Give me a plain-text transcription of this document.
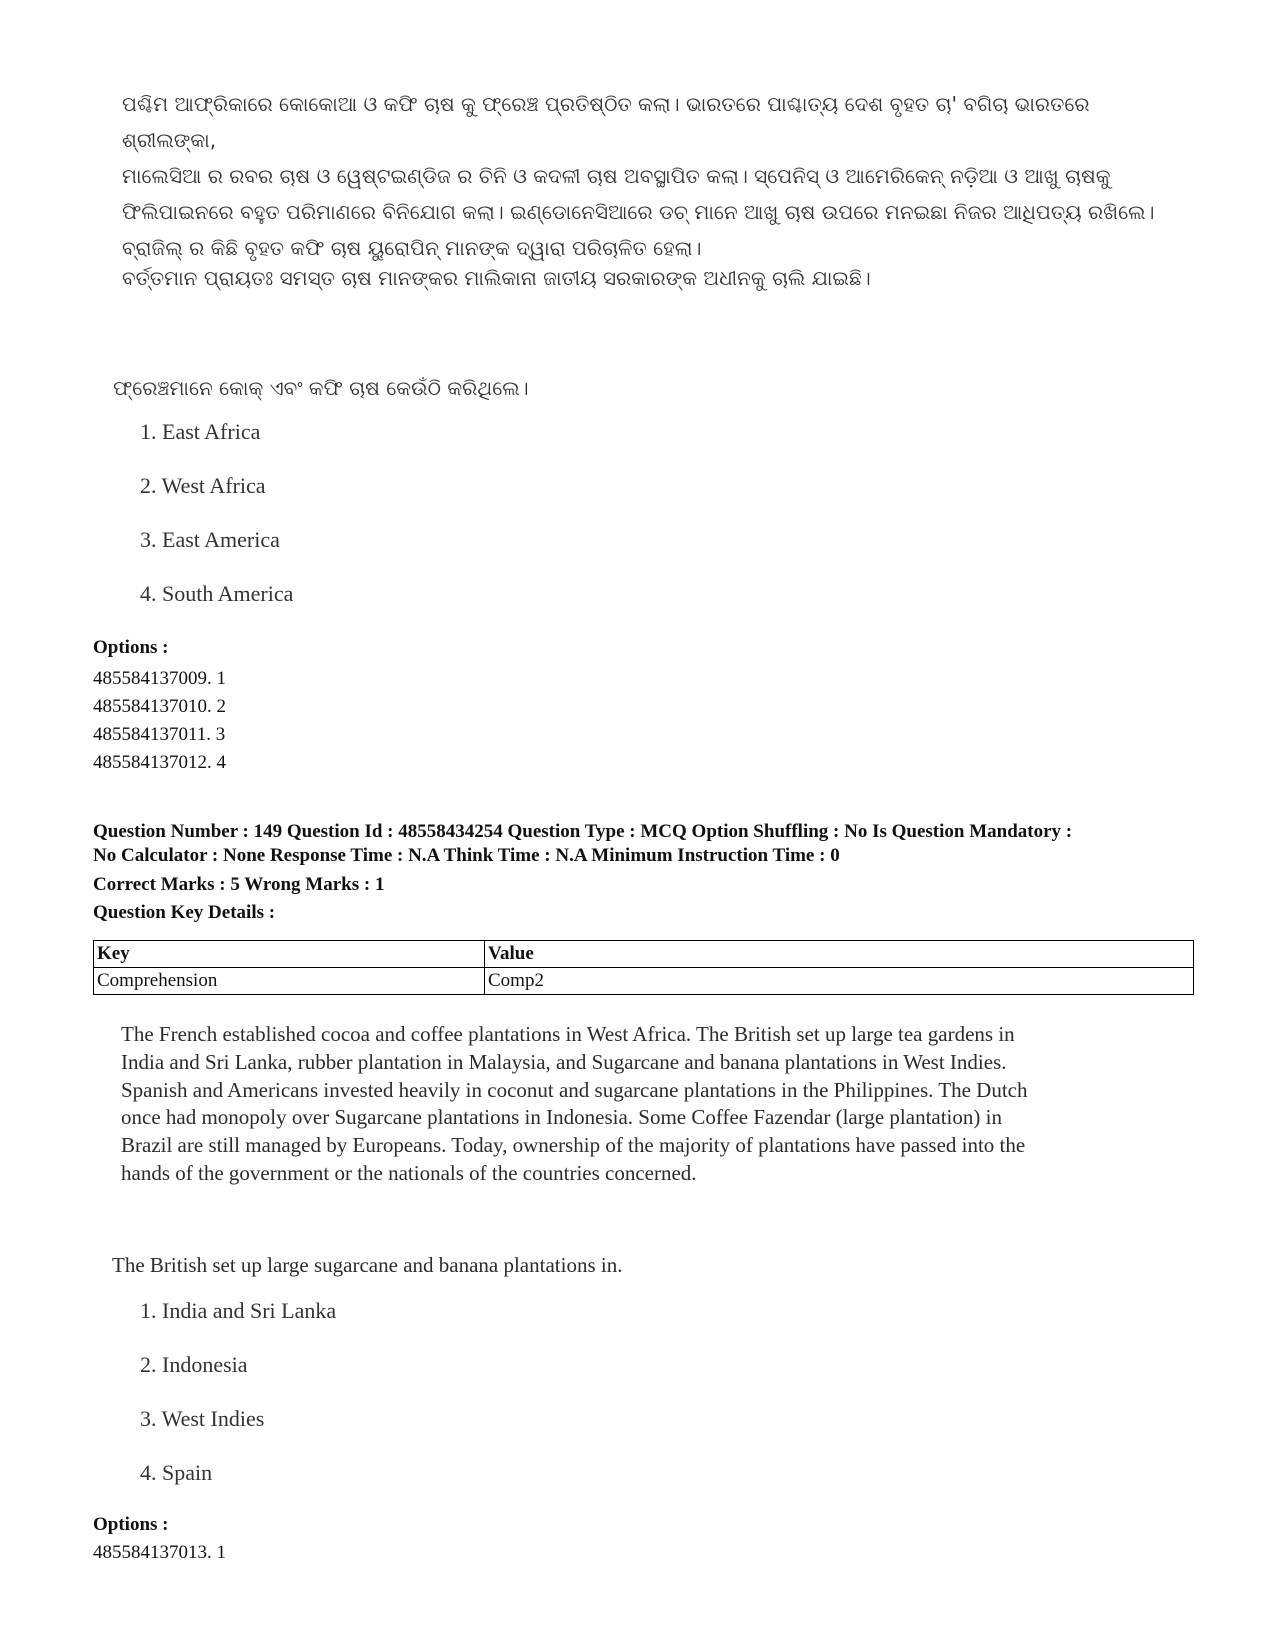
ପଶ୍ଚିମ ଆଫ୍ରିକାରେ କୋକୋଆ ଓ କଫି ଚାଷ କୁ ଫ୍ରେଞ୍ଚ ପ୍ରତିଷ୍ଠିତ କଲା। ଭାରତରେ ପାଶ୍ଚାତ୍ୟ ଦେଶ ବୃହତ ଚା' ବଗିଚା ଭାରତରେ ଶ୍ରୀଲଙ୍କା,

ମାଲେସିଆ ର ରବର ଚାଷ ଓ ୱେଷ୍ଟଇଣ୍ଡିଜ ର ଚିନି ଓ କଦଳୀ ଚାଷ ଅବସ୍ଥାପିତ କଲା। ସ୍ପେନିସ୍ ଓ ଆମେରିକେନ୍ ନଡ଼ିଆ ଓ ଆଖୁ ଚାଷକୁ

ଫିଲିପାଇନରେ ବହୁତ ପରିମାଣରେ ବିନିଯୋଗ କଲା। ଇଣ୍ଡୋନେସିଆରେ ଡଚ୍ ମାନେ ଆଖୁ ଚାଷ ଉପରେ ମନଇଛା ନିଜର ଆଧିପତ୍ୟ ରଖିଲେ।

ବ୍ରାଜିଲ୍ ର କିଛି ବୃହତ କଫି ଚାଷ ୟୁରୋପିନ୍ ମାନଙ୍କ ଦ୍ୱାରା ପରିଚାଳିତ ହେଲା।

ବର୍ତ୍ତମାନ ପ୍ରାୟତଃ ସମସ୍ତ ଚାଷ ମାନଙ୍କର ମାଲିକାନା ଜାତୀୟ ସରକାରଙ୍କ ଅଧୀନକୁ ଚାଲି ଯାଇଛି।
ଫ୍ରେଞ୍ଚମାନେ କୋକ୍ ଏବଂ କଫି ଚାଷ କେଉଁଠି କରିଥିଲେ।
1. East Africa
2. West Africa
3. East America
4. South America
Options :
485584137009. 1
485584137010. 2
485584137011. 3
485584137012. 4
Question Number : 149 Question Id : 48558434254 Question Type : MCQ Option Shuffling : No Is Question Mandatory :
No Calculator : None Response Time : N.A Think Time : N.A Minimum Instruction Time : 0
Correct Marks : 5 Wrong Marks : 1
Question Key Details :
Key	Value
Comprehension	Comp2
The French established cocoa and coffee plantations in West Africa. The British set up large tea gardens in
India and Sri Lanka, rubber plantation in Malaysia, and Sugarcane and banana plantations in West Indies.
Spanish and Americans invested heavily in coconut and sugarcane plantations in the Philippines. The Dutch
once had monopoly over Sugarcane plantations in Indonesia. Some Coffee Fazendar (large plantation) in
Brazil are still managed by Europeans. Today, ownership of the majority of plantations have passed into the
hands of the government or the nationals of the countries concerned.
The British set up large sugarcane and banana plantations in.
1. India and Sri Lanka
2. Indonesia
3. West Indies
4. Spain
Options :
485584137013. 1
